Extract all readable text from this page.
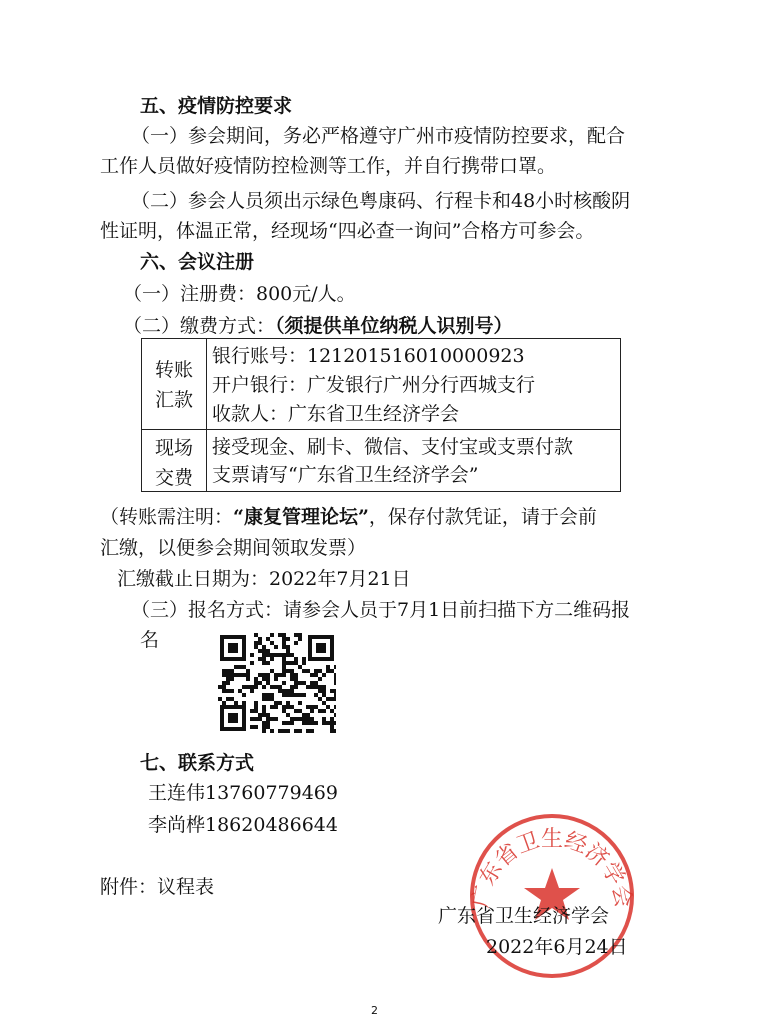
五、疫情防控要求
（一）参会期间，务必严格遵守广州市疫情防控要求，配合
工作人员做好疫情防控检测等工作，并自行携带口罩。
（二）参会人员须出示绿色粤康码、行程卡和48小时核酸阴
性证明，体温正常，经现场“四必查一询问”合格方可参会。
六、会议注册
（一）注册费：800元/人。
（二）缴费方式：（须提供单位纳税人识别号）
转账
汇款
银行账号：121201516010000923
开户银行：广发银行广州分行西城支行
收款人：广东省卫生经济学会
现场
交费
接受现金、刷卡、微信、支付宝或支票付款
支票请写“广东省卫生经济学会”
（转账需注明：“康复管理论坛”，保存付款凭证，请于会前
汇缴，以便参会期间领取发票）
汇缴截止日期为：2022年7月21日
（三）报名方式：请参会人员于7月1日前扫描下方二维码报
名
七、联系方式
王连伟13760779469
李尚桦18620486644
附件：议程表	广东省卫生经济学会
广东省卫生经济学会
2022年6月24日
2
